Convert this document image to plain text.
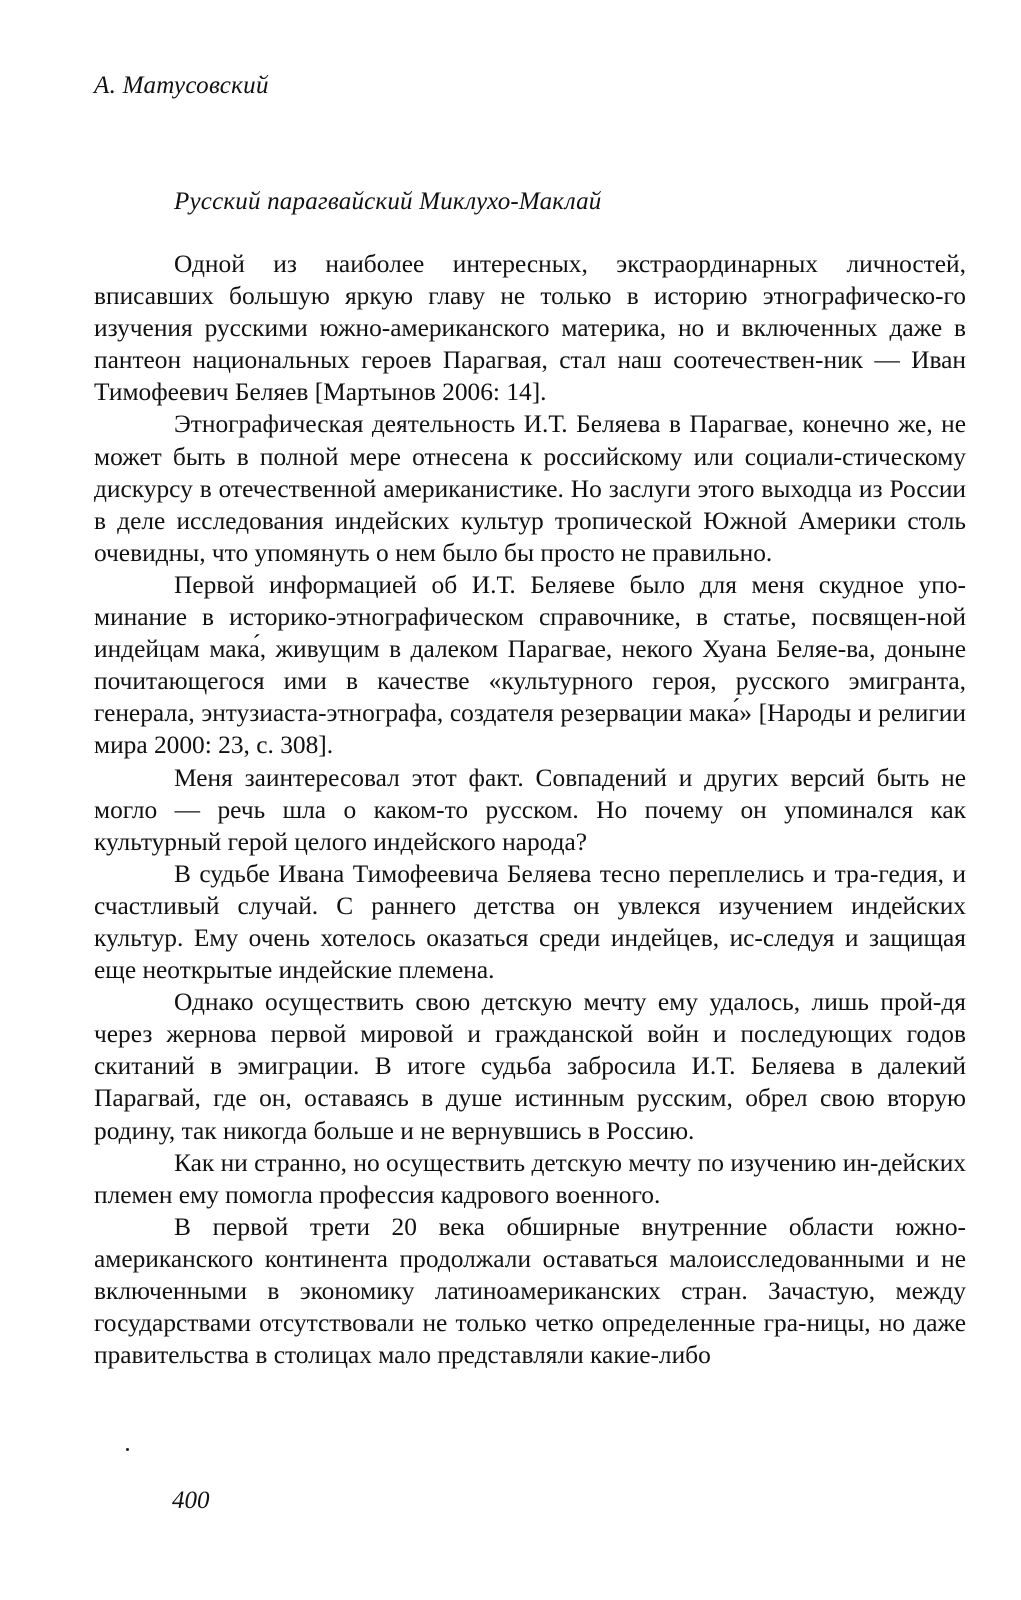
А. Матусовский

Русский парагвайский Миклухо-Маклай

Одной из наиболее интересных, экстраординарных личностей, вписавших большую яркую главу не только в историю этнографическо-го изучения русскими южно-американского материка, но и включенных даже в пантеон национальных героев Парагвая, стал наш соотечествен-ник — Иван Тимофеевич Беляев [Мартынов 2006: 14].

Этнографическая деятельность И.Т. Беляева в Парагвае, конечно же, не может быть в полной мере отнесена к российскому или социали-стическому дискурсу в отечественной американистике. Но заслуги этого выходца из России в деле исследования индейских культур тропической Южной Америки столь очевидны, что упомянуть о нем было бы просто не правильно.

Первой информацией об И.Т. Беляеве было для меня скудное упо-минание в историко-этнографическом справочнике, в статье, посвящен-ной индейцам мака́, живущим в далеком Парагвае, некого Хуана Беляе-ва, доныне почитающегося ими в качестве «культурного героя, русского эмигранта, генерала, энтузиаста-этнографа, создателя резервации мака́» [Народы и религии мира 2000: 23, с. 308].

Меня заинтересовал этот факт. Совпадений и других версий быть не могло — речь шла о каком-то русском. Но почему он упоминался как культурный герой целого индейского народа?

В судьбе Ивана Тимофеевича Беляева тесно переплелись и тра-гедия, и счастливый случай. С раннего детства он увлекся изучением индейских культур. Ему очень хотелось оказаться среди индейцев, ис-следуя и защищая еще неоткрытые индейские племена.

Однако осуществить свою детскую мечту ему удалось, лишь прой-дя через жернова первой мировой и гражданской войн и последующих годов скитаний в эмиграции. В итоге судьба забросила И.Т. Беляева в далекий Парагвай, где он, оставаясь в душе истинным русским, обрел свою вторую родину, так никогда больше и не вернувшись в Россию.

Как ни странно, но осуществить детскую мечту по изучению ин-дейских племен ему помогла профессия кадрового военного.

В первой трети 20 века обширные внутренние области южно-американского континента продолжали оставаться малоисследованными и не включенными в экономику латиноамериканских стран. Зачастую, между государствами отсутствовали не только четко определенные гра-ницы, но даже правительства в столицах мало представляли какие-либо

400
